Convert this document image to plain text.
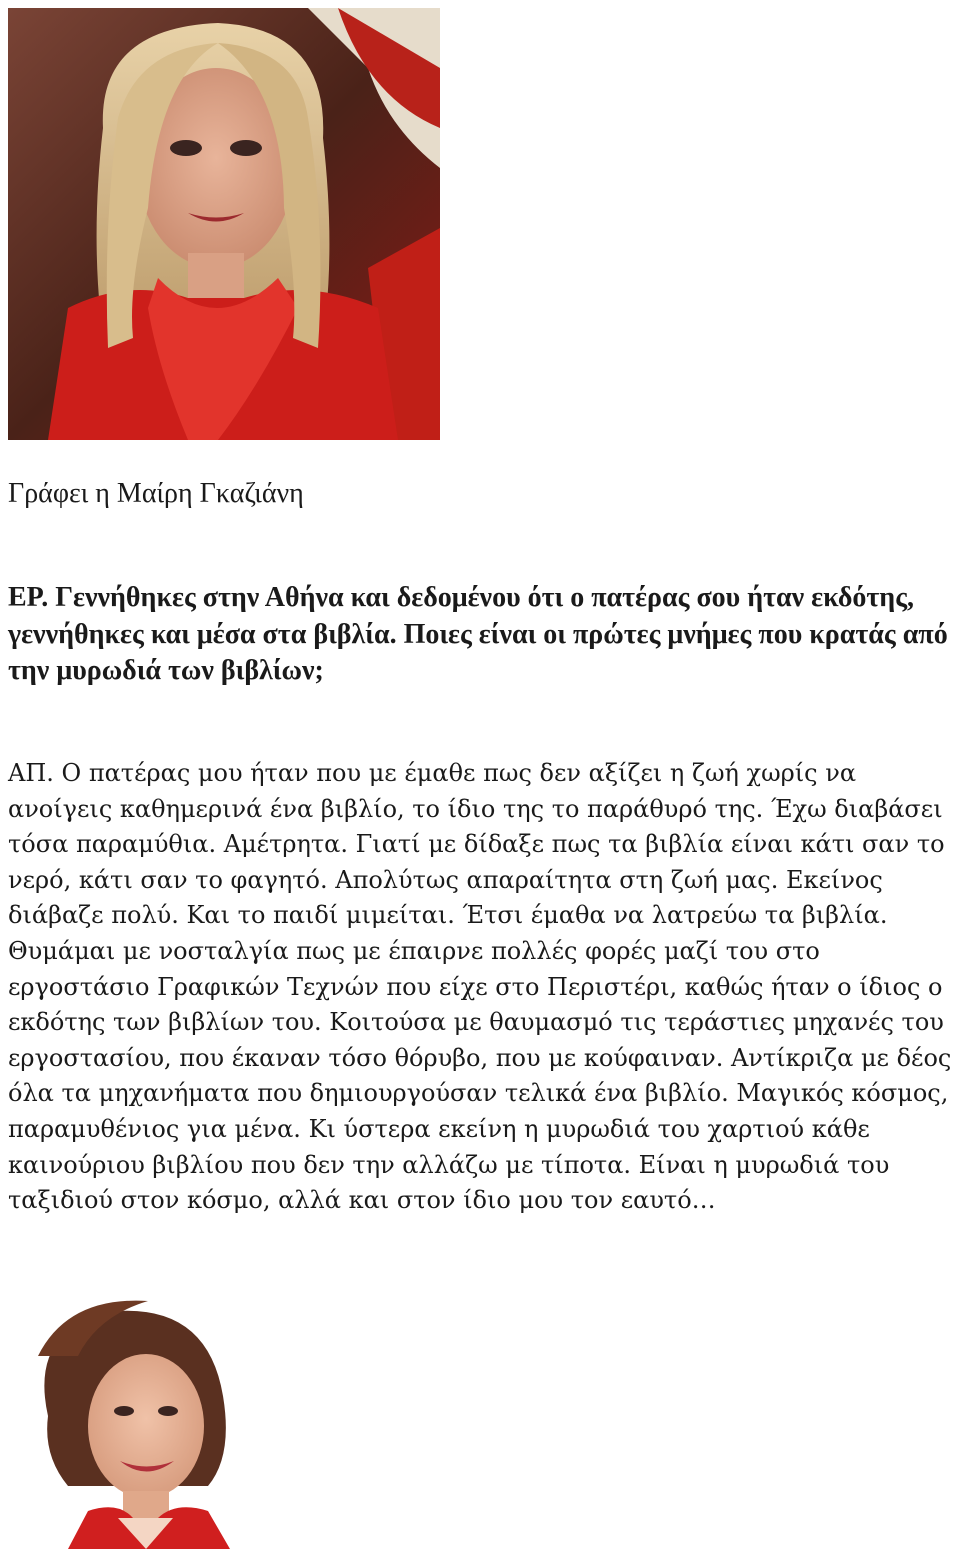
Γράφει η Μαίρη Γκαζιάνη

ΕΡ. Γεννήθηκες στην Αθήνα και δεδομένου ότι ο πατέρας σου ήταν εκδότης, γεννήθηκες και μέσα στα βιβλία. Ποιες είναι οι πρώτες μνήμες που κρατάς από την μυρωδιά των βιβλίων;

ΑΠ. Ο πατέρας μου ήταν που με έμαθε πως δεν αξίζει η ζωή χωρίς να ανοίγεις καθημερινά ένα βιβλίο, το ίδιο της το παράθυρό της. Έχω διαβάσει τόσα παραμύθια. Αμέτρητα. Γιατί με δίδαξε πως τα βιβλία είναι κάτι σαν το νερό, κάτι σαν το φαγητό. Απολύτως απαραίτητα στη ζωή μας. Εκείνος διάβαζε πολύ. Και το παιδί μιμείται. Έτσι έμαθα να λατρεύω τα βιβλία. Θυμάμαι με νοσταλγία πως με έπαιρνε πολλές φορές μαζί του στο εργοστάσιο Γραφικών Τεχνών που είχε στο Περιστέρι, καθώς ήταν ο ίδιος ο εκδότης των βιβλίων του. Κοιτούσα με θαυμασμό τις τεράστιες μηχανές του εργοστασίου, που έκαναν τόσο θόρυβο, που με κούφαιναν. Αντίκριζα με δέος όλα τα μηχανήματα που δημιουργούσαν τελικά ένα βιβλίο. Μαγικός κόσμος, παραμυθένιος για μένα. Κι ύστερα εκείνη η μυρωδιά του χαρτιού κάθε καινούριου βιβλίου που δεν την αλλάζω με τίποτα. Είναι η μυρωδιά του ταξιδιού στον κόσμο, αλλά και στον ίδιο μου τον εαυτό…
